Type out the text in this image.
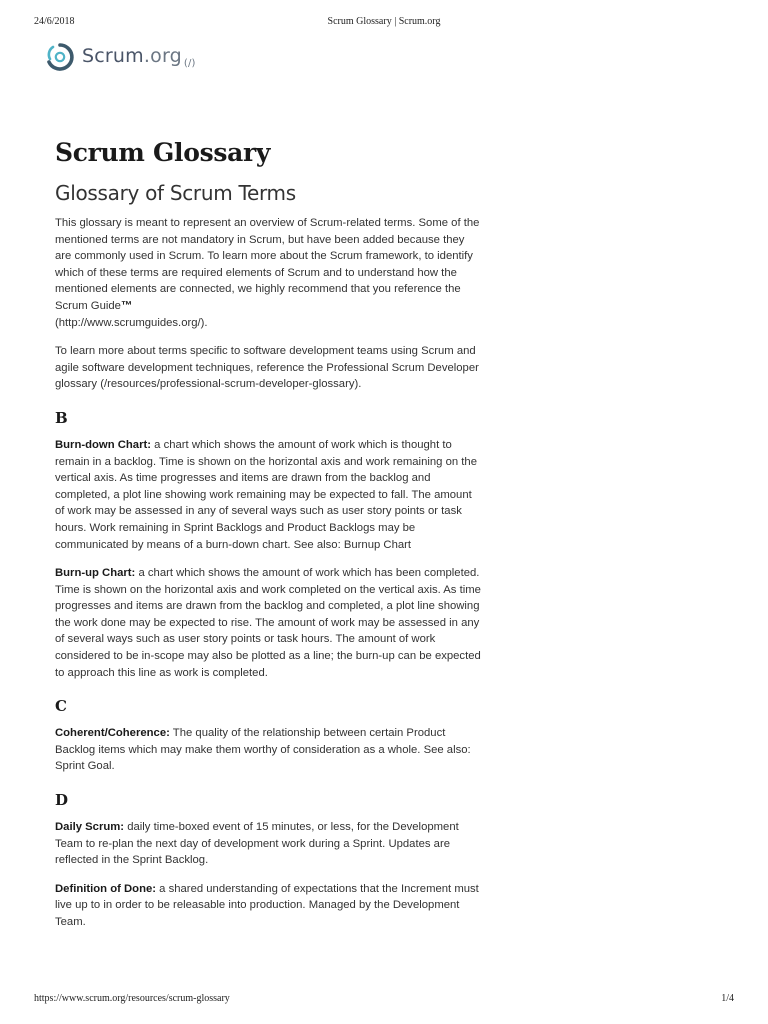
24/6/2018	Scrum Glossary | Scrum.org
Scrum.org $_{(/)}$
Scrum Glossary
Glossary of Scrum Terms

This glossary is meant to represent an overview of Scrum-related terms. Some of the mentioned terms are not mandatory in Scrum, but have been added because they are commonly used in Scrum. To learn more about the Scrum framework, to identify which of these terms are required elements of Scrum and to understand how the mentioned elements are connected, we highly recommend that you reference the Scrum Guide™
(http://www.scrumguides.org/).

To learn more about terms specific to software development teams using Scrum and agile software development techniques, reference the Professional Scrum Developer glossary (/resources/professional-scrum-developer-glossary).

B

Burn-down Chart: a chart which shows the amount of work which is thought to remain in a backlog. Time is shown on the horizontal axis and work remaining on the vertical axis. As time progresses and items are drawn from the backlog and completed, a plot line showing work remaining may be expected to fall. The amount of work may be assessed in any of several ways such as user story points or task hours. Work remaining in Sprint Backlogs and Product Backlogs may be communicated by means of a burn-down chart. See also: Burnup Chart

Burn-up Chart: a chart which shows the amount of work which has been completed. Time is shown on the horizontal axis and work completed on the vertical axis. As time progresses and items are drawn from the backlog and completed, a plot line showing the work done may be expected to rise. The amount of work may be assessed in any of several ways such as user story points or task hours. The amount of work considered to be in-scope may also be plotted as a line; the burn-up can be expected to approach this line as work is completed.

C

Coherent/Coherence: The quality of the relationship between certain Product Backlog items which may make them worthy of consideration as a whole. See also: Sprint Goal.

D

Daily Scrum: daily time-boxed event of 15 minutes, or less, for the Development Team to re-plan the next day of development work during a Sprint. Updates are reflected in the Sprint Backlog.

Definition of Done: a shared understanding of expectations that the Increment must live up to in order to be releasable into production. Managed by the Development Team.

https://www.scrum.org/resources/scrum-glossary	1/4
